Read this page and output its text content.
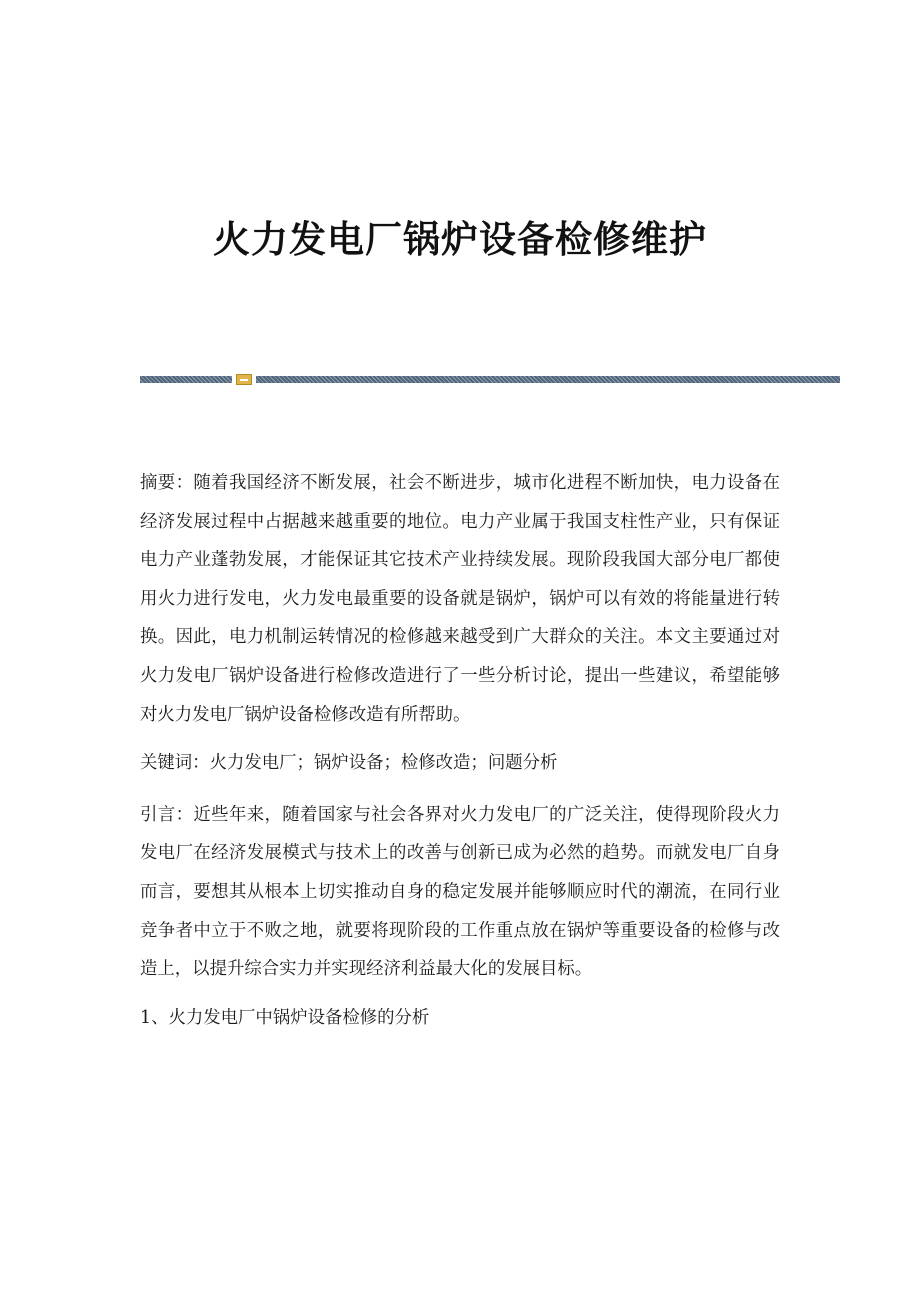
火力发电厂锅炉设备检修维护

摘要：随着我国经济不断发展，社会不断进步，城市化进程不断加快，电力设备在经济发展过程中占据越来越重要的地位。电力产业属于我国支柱性产业，只有保证电力产业蓬勃发展，才能保证其它技术产业持续发展。现阶段我国大部分电厂都使用火力进行发电，火力发电最重要的设备就是锅炉，锅炉可以有效的将能量进行转换。因此，电力机制运转情况的检修越来越受到广大群众的关注。本文主要通过对火力发电厂锅炉设备进行检修改造进行了一些分析讨论，提出一些建议，希望能够对火力发电厂锅炉设备检修改造有所帮助。

关键词：火力发电厂；锅炉设备；检修改造；问题分析

引言：近些年来，随着国家与社会各界对火力发电厂的广泛关注，使得现阶段火力发电厂在经济发展模式与技术上的改善与创新已成为必然的趋势。而就发电厂自身而言，要想其从根本上切实推动自身的稳定发展并能够顺应时代的潮流，在同行业竞争者中立于不败之地，就要将现阶段的工作重点放在锅炉等重要设备的检修与改造上，以提升综合实力并实现经济利益最大化的发展目标。

1、火力发电厂中锅炉设备检修的分析
